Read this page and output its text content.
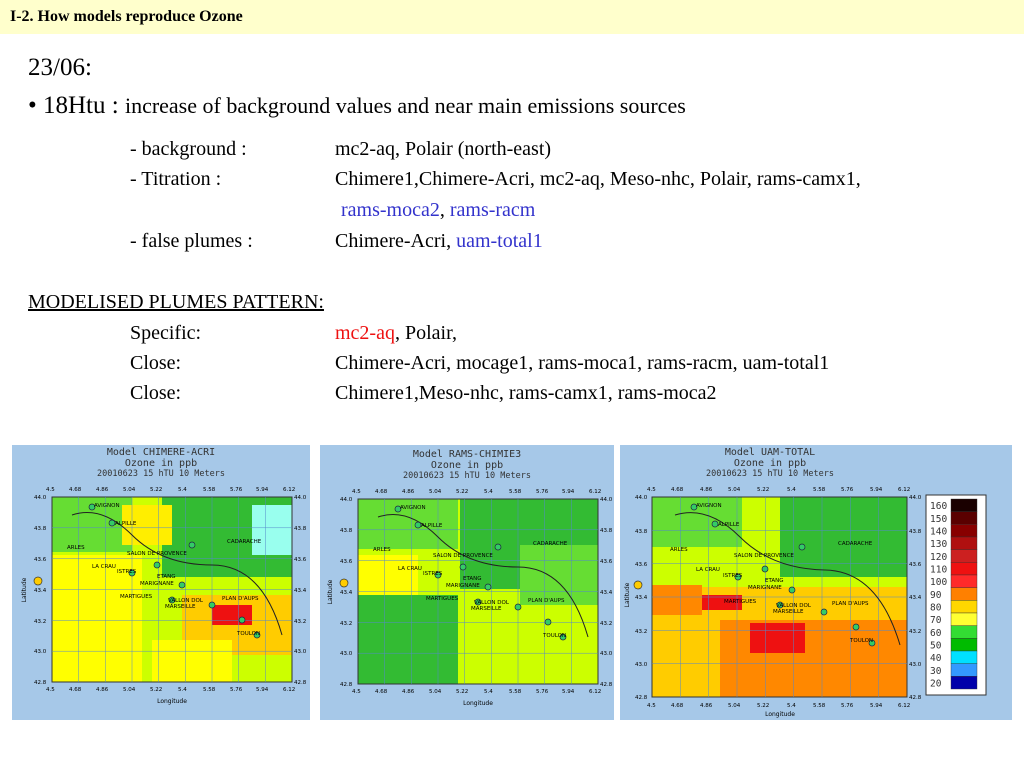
I-2. How models reproduce Ozone
23/06:
• 18Htu : increase of background values and near main emissions sources
- background :	mc2-aq, Polair (north-east)
- Titration :	Chimere1,Chimere-Acri, mc2-aq, Meso-nhc, Polair, rams-camx1,
rams-moca2, rams-racm
- false plumes :	Chimere-Acri, uam-total1
MODELISED PLUMES PATTERN:
Specific:	mc2-aq, Polair,
Close:	Chimere-Acri, mocage1, rams-moca1, rams-racm, uam-total1
Close:	Chimere1,Meso-nhc, rams-camx1, rams-moca2
Model CHIMERE-ACRI
Ozone in ppb
20010623 15 hTU 10 Meters
AVIGNON
ALPILLE
CADARACHE
ARLES
SALON DE PROVENCE
LA CRAU
ISTRES
ETANG
MARIGNANE
MARTIGUES
VALLON DOL
MARSEILLE
PLAN D'AUPS
TOULON
4.5	4.68	4.86	5.04	5.22	5.4	5.58	5.76	5.94	6.12
4.5	4.68	4.86	5.04	5.22	5.4	5.58	5.76	5.94	6.12
44.0
43.8
43.6
43.4
43.2
43.0
42.8
44.0
43.8
43.6
43.4
43.2
43.0
42.8
Longitude
Latitude
Model RAMS-CHIMIE3
Ozone in ppb
20010623 15 hTU 10 Meters
AVIGNON
ALPILLE
CADARACHE
ARLES
SALON DE PROVENCE
LA CRAU
ISTRES
ETANG
MARIGNANE
MARTIGUES
VALLON DOL
MARSEILLE
PLAN D'AUPS
TOULON
4.5	4.68	4.86	5.04	5.22	5.4	5.58	5.76	5.94	6.12
4.5	4.68	4.86	5.04	5.22	5.4	5.58	5.76	5.94	6.12
44.0
43.8
43.6
43.4
43.2
43.0
42.8
44.0
43.8
43.6
43.4
43.2
43.0
42.8
Longitude
Latitude
Model UAM-TOTAL
Ozone in ppb
20010623 15 hTU 10 Meters
AVIGNON
ALPILLE
CADARACHE
ARLES
SALON DE PROVENCE
LA CRAU
ISTRES
ETANG
MARIGNANE
MARTIGUES
VALLON DOL
MARSEILLE
PLAN D'AUPS
TOULON
4.5	4.68	4.86	5.04	5.22	5.4	5.58	5.76	5.94	6.12
4.5	4.68	4.86	5.04	5.22	5.4	5.58	5.76	5.94	6.12
44.0
43.8
43.6
43.4
43.2
43.0
42.8
44.0
43.8
43.6
43.4
43.2
43.0
42.8
Longitude
Latitude
160
150
140
130
120
110
100
90
80
70
60
50
40
30
20
